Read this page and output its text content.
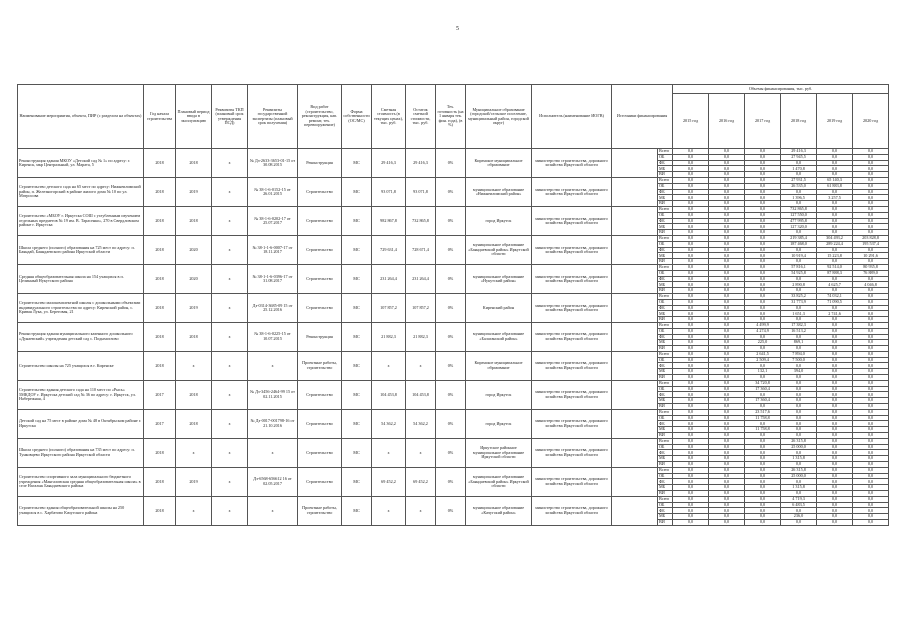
5
Наименование мероприятия, объекта, ПИР (с разделом на объектах)	Год начала строительства	Плановый период ввода в эксплуатацию	Реквизиты ТКП (плановый срок утверждения ПСД)	Реквизиты государственной экспертизы (плановый срок получения)	Вид работ (строительство, реконструкция, кап. ремонт, тех. перевооружение)	Форма собственности (ОС/МС)	Сметная стоимость (в текущих ценах), тыс. руб.	Остаток сметной стоимости, тыс. руб.	Тех. готовность (на 1 января тек. фин. года), (в %)	Муниципальное образование (городской/сельское поселение, муниципальный район, городской округ)	Исполнитель (наименование ИОГВ)	Источники финансирования		Объемы финансирования, тыс. руб.					
														2015 год	2016 год	2017 год	2018 год	2019 год	2020 год
Реконструкция здания МКОУ «Детский сад № 1» по адресу: г. Киренск, мкр Центральный, ул. Марата, 5	2018	2018	х	№ Дз-2633-3653-01-15 от 30.08.2015	Реконструкция	МС	29 416,3	29 416,3	0%	Киренское муниципальное образование	министерство строительства, дорожного хозяйства Иркутской области		Всего	0,0	0,0	0,0	29 416,3	0,0	0,0
													ОБ	0,0	0,0	0,0	27 945,5	0,0	0,0
													ФБ	0,0	0,0	0,0	0,0	0,0	0,0
													МБ	0,0	0,0	0,0	1 470,8	0,0	0,0
													ВИ	0,0	0,0	0,0	0,0	0,0	0,0
Строительство детского сада на 65 мест по адресу: Нижнеилимский район, п. Железногорский в районе жилого дома № 10 по ул. Матросова	2018	2019	х	№ 38-1-6-0152-15 от 26.01.2015	Строительство	МС	93 071,8	93 071,8	0%	муниципальное образование «Нижнеилимский район»	министерство строительства, дорожного хозяйства Иркутской области		Всего	0,0	0,0	0,0	27 931,5	65 140,3	0,0
													ОБ	0,0	0,0	0,0	26 535,0	61 883,8	0,0
													ФБ	0,0	0,0	0,0	0,0	0,0	0,0
													МБ	0,0	0,0	0,0	1 396,5	3 257,5	0,0
													ВИ	0,0	0,0	0,0	0,0	0,0	0,0
Строительство «МБОУ г. Иркутска СОШ с углубленным изучением отдельных предметов № 19 им. В. Тарасенко», 270 в Свердловском районе г. Иркутска	2018	2018	х	№ 38-1-6-0202-17 от 25.07.2017	Строительство	МС	982 867,8	732 865,8	0%	город Иркутск	министерство строительства, дорожного хозяйства Иркутской области		Всего	0,0	0,0	0,0	732 865,8	0,0	0,0
													ОБ	0,0	0,0	0,0	127 550,0	0,0	0,0
													ФБ	0,0	0,0	0,0	477 995,8	0,0	0,0
													МБ	0,0	0,0	0,0	127 320,0	0,0	0,0
													ВИ	0,0	0,0	0,0	0,0	0,0	0,0
Школа среднего (полного) образования на 725 мест по адресу: п. Баяндай, Баяндаевского района Иркутской области	2018	2020	х	№ 38-1-1-6-0007-17 от 18.11.2017	Строительство	МС	729 631,4	728 671,4	0%	муниципальное образование «Баяндаевский район» Иркутской области	министерство строительства, дорожного хозяйства Иркутской области		Всего	0,0	0,0	0,0	219 385,4	304 493,2	203 828,8
													ОБ	0,0	0,0	0,0	187 468,0	289 224,4	195 537,4
													ФБ	0,0	0,0	0,0	0,0	0,0	0,0
													МБ	0,0	0,0	0,0	10 919,4	15 223,8	10 291,6
													ВИ	0,0	0,0	0,0	0,0	0,0	0,0
Средняя общеобразовательная школа на 154 учащихся в п. Целинный Нукутского района	2018	2020	х	№ 38-1-1-6-0396-17 от 31.08.2017	Строительство	МС	231 264,4	231 264,4	0%	муниципальное образование «Нукутский район»	министерство строительства, дорожного хозяйства Иркутской области		Всего	0,0	0,0	0,0	57 816,1	92 514,0	80 935,8
													ОБ	0,0	0,0	0,0	54 925,8	87 888,3	76 889,0
													ФБ	0,0	0,0	0,0	0,0	0,0	0,0
													МБ	0,0	0,0	0,0	2 890,8	4 625,7	4 046,8
													ВИ	0,0	0,0	0,0	0,0	0,0	0,0
Строительство малокомплектной школы с дошкольными объектами индивидуального строительства по адресу: Киренский район, с. Кривая Лука, ул. Береговая, 21	2018	2019	х	Дз-0314-3685-09 15 от 25.12.2016	Строительство	МС	107 857,2	107 857,2	0%	Киренский район	министерство строительства, дорожного хозяйства Иркутской области		Всего	0,0	0,0	0,0	33 825,2	74 032,1	0,0
													ОБ	0,0	0,0	0,0	31 773,9	71 090,5	0,0
													ФБ	0,0	0,0	0,0	0,0	0,0	0,0
													МБ	0,0	0,0	0,0	1 651,3	2 741,6	0,0
													ВИ	0,0	0,0	0,0	0,0	0,0	0,0
Реконструкция здания муниципального казенного дошкольного «Дунаевский» учреждения детский сад с. Подымоглово	2018	2018	х	№ 38-1-6-0225-15 от 10.07.2015	Реконструкция	МС	21 882,3	21 882,3	0%	муниципальное образование «Балаганский район»	министерство строительства, дорожного хозяйства Иркутской области		Всего	0,0	0,0	4 499,9	17 382,3	0,0	0,0
													ОБ	0,0	0,0	4 274,9	16 513,2	0,0	0,0
													ФБ	0,0	0,0	0,0	0,0	0,0	0,0
													МБ	0,0	0,0	225,0	869,1	0,0	0,0
													ВИ	0,0	0,0	0,0	0,0	0,0	0,0
Строительство школы на 725 учащихся в г. Киренске	2018	х	х	х	Проектные работы, строительство	МС	х	х	0%	Киренское муниципальное образование	министерство строительства, дорожного хозяйства Иркутской области		Всего	0,0	0,0	2 641,5	7 894,0	0,0	0,0
													ОБ	0,0	0,0	2 509,4	7 500,0	0,0	0,0
													ФБ	0,0	0,0	0,0	0,0	0,0	0,0
													МБ	0,0	0,0	132,1	394,0	0,0	0,0
													ВИ	0,0	0,0	0,0	0,0	0,0	0,0
Строительство здания детского сада на 110 мест по «Рысь» 5МКДОУ г. Иркутска детский сад № 36 по адресу: г. Иркутск, ул. Набережная, 4	2017	2018	х	№ Дз-3456-2464-99 15 от 02.11.2015	Строительство	МС	104 453,8	104 453,8	0%	город Иркутск	министерство строительства, дорожного хозяйства Иркутской области		Всего	0,0	0,0	34 720,8	0,0	0,0	0,0
													ОБ	0,0	0,0	17 360,4	0,0	0,0	0,0
													ФБ	0,0	0,0	0,0	0,0	0,0	0,0
													МБ	0,0	0,0	17 360,4	0,0	0,0	0,0
													ВИ	0,0	0,0	0,0	0,0	0,0	0,0
Детский сад на 75 мест в районе дома № 48 в Октябрьском районе г. Иркутска	2017	2018	х	№ Дз-0017-001798-16 от 21.10.2016	Строительство	МС	54 362,2	54 362,2	0%	город Иркутск	министерство строительства, дорожного хозяйства Иркутской области		Всего	0,0	0,0	23 517,6	0,0	0,0	0,0
													ОБ	0,0	0,0	11 758,8	0,0	0,0	0,0
													ФБ	0,0	0,0	0,0	0,0	0,0	0,0
													МБ	0,0	0,0	11 758,8	0,0	0,0	0,0
													ВИ	0,0	0,0	0,0	0,0	0,0	0,0
Школа среднего (полного) образования на 735 мест по адресу: п. Тунковцево Иркутского района Иркутской области	2018	х	х	х	Строительство	МС	х	х	0%	Иркутское районное муниципальное образование Иркутской области	министерство строительства, дорожного хозяйства Иркутской области		Всего	0,0	0,0	0,0	26 315,8	0,0	0,0
													ОБ	0,0	0,0	0,0	25 000,0	0,0	0,0
													ФБ	0,0	0,0	0,0	0,0	0,0	0,0
													МБ	0,0	0,0	0,0	1 315,8	0,0	0,0
													ВИ	0,0	0,0	0,0	0,0	0,0	0,0
Строительство спортивного зала муниципального бюджетного учреждения «Мангаловская средняя общеобразовательная школа» в селе Нагалык Баяндаевского района	2018	2019	х	Дз-6568-656612 16 от 02.05.2017	Строительство	МС	69 452,2	69 452,2	0%	муниципальное образование «Баяндаевский район» Иркутской области	министерство строительства, дорожного хозяйства Иркутской области		Всего	0,0	0,0	0,0	26 315,8	0,0	0,0
													ОБ	0,0	0,0	0,0	25 000,0	0,0	0,0
													ФБ	0,0	0,0	0,0	0,0	0,0	0,0
													МБ	0,0	0,0	0,0	1 315,8	0,0	0,0
													ВИ	0,0	0,0	0,0	0,0	0,0	0,0
Строительство здания общеобразовательной школы на 250 учащихся в с. Харбатово Качугского района	2018	х	х	х	Проектные работы, строительство	МС	х	х	0%	муниципальное образование «Качугский район»	министерство строительства, дорожного хозяйства Иркутской области		Всего	0,0	0,0	0,0	4 719,3	0,0	0,0
													ОБ	0,0	0,0	0,0	6 483,5	0,0	0,0
													ФБ	0,0	0,0	0,0	0,0	0,0	0,0
													МБ	0,0	0,0	0,0	236,0	0,0	0,0
													ВИ	0,0	0,0	0,0	0,0	0,0	0,0
